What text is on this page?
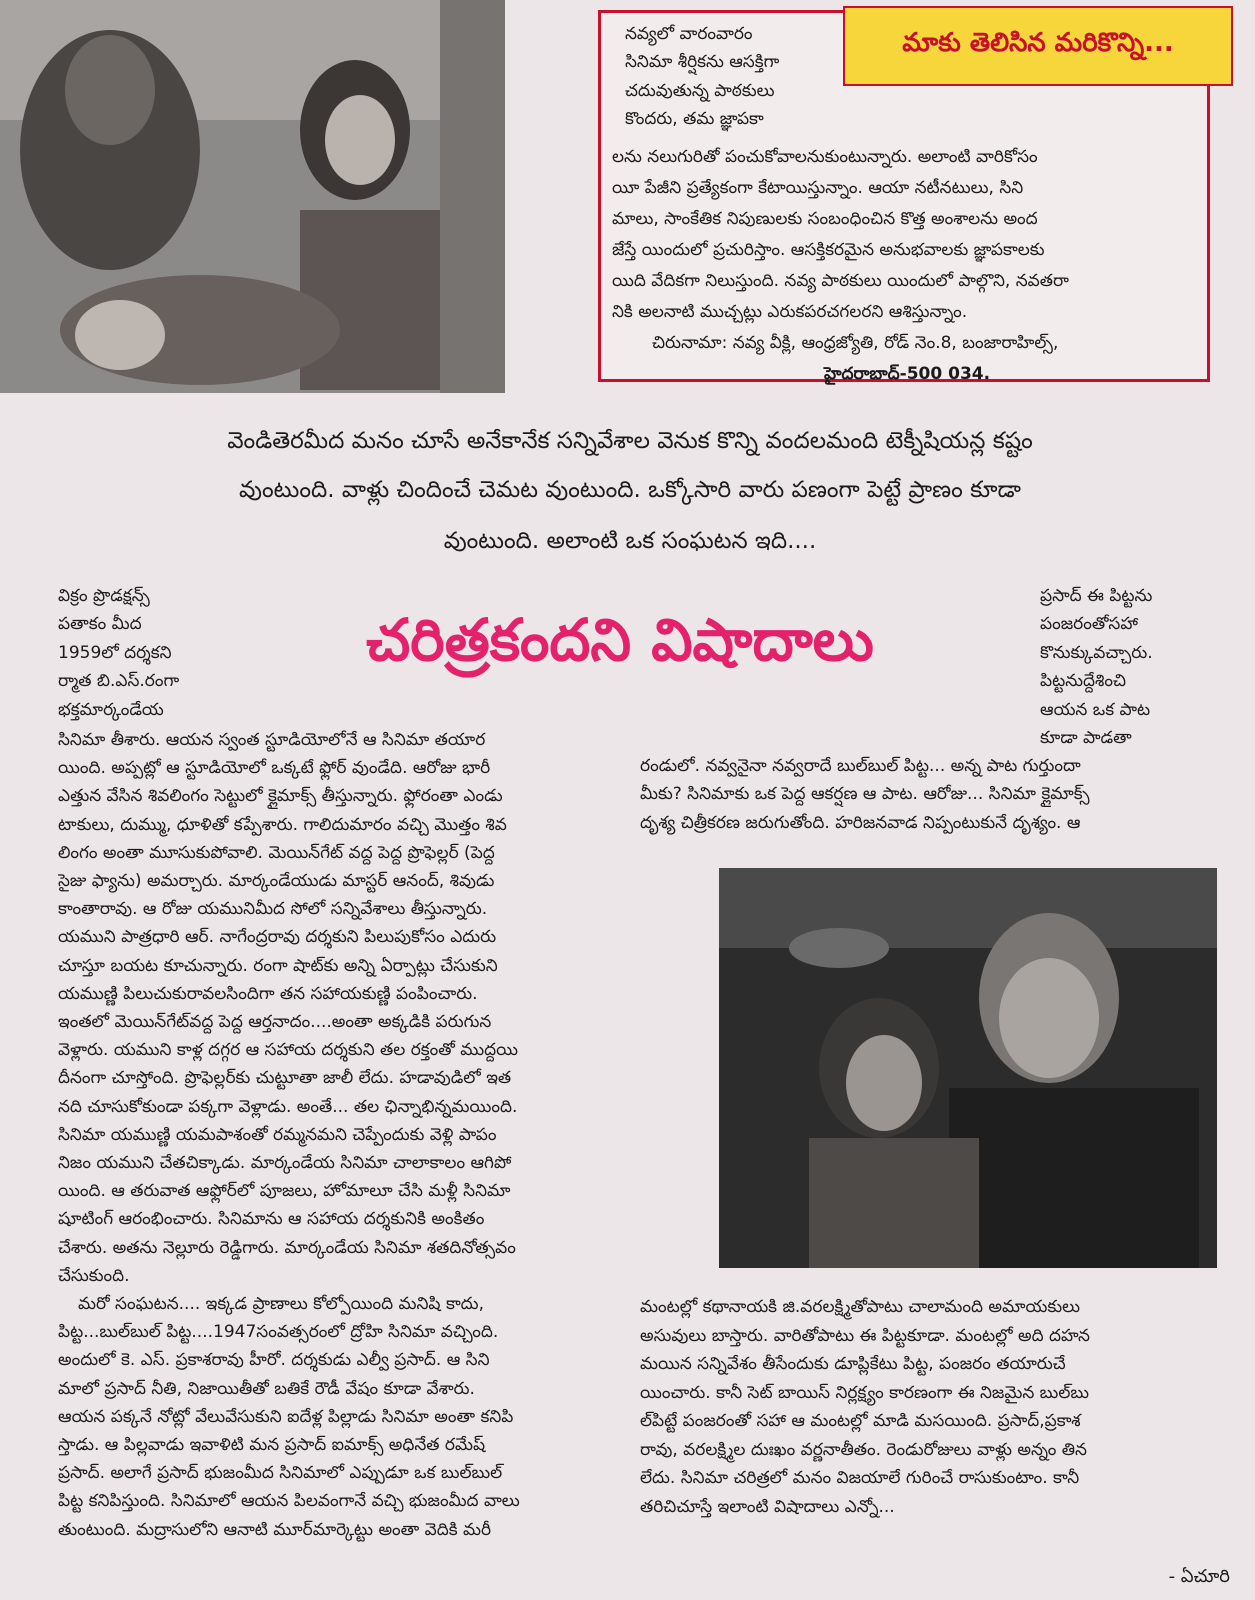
మాకు తెలిసిన మరికొన్ని...
నవ్యలో వారంవారం
సినిమా శీర్షికను ఆసక్తిగా
చదువుతున్న పాఠకులు
కొందరు, తమ జ్ఞాపకా
లను నలుగురితో పంచుకోవాలనుకుంటున్నారు. అలాంటి వారికోసం
యీ పేజీని ప్రత్యేకంగా కేటాయిస్తున్నాం. ఆయా నటీనటులు, సిని
మాలు, సాంకేతిక నిపుణులకు సంబంధించిన కొత్త అంశాలను అంద
జేస్తే యిందులో ప్రచురిస్తాం. ఆసక్తికరమైన అనుభవాలకు జ్ఞాపకాలకు
యిది వేదికగా నిలుస్తుంది. నవ్య పాఠకులు యిందులో పాల్గొని, నవతరా
నికి అలనాటి ముచ్చట్లు ఎరుకపరచగలరని ఆశిస్తున్నాం.
చిరునామా: నవ్య వీక్లి, ఆంధ్రజ్యోతి, రోడ్ నెం.8, బంజారాహిల్స్,
హైదరాబాద్-500 034.
వెండితెరమీద మనం చూసే అనేకానేక సన్నివేశాల వెనుక కొన్ని వందలమంది టెక్నీషియన్ల కష్టం
వుంటుంది. వాళ్లు చిందించే చెమట వుంటుంది. ఒక్కోసారి వారు పణంగా పెట్టే ప్రాణం కూడా
వుంటుంది. అలాంటి ఒక సంఘటన ఇది....
చరిత్రకందని విషాదాలు
విక్రం ప్రొడక్షన్స్
పతాకం మీద
1959లో దర్శకని
ర్మాత బి.ఎస్.రంగా
భక్తమార్కండేయ
సినిమా తీశారు. ఆయన స్వంత స్టూడియోలోనే ఆ సినిమా తయార
యింది. అప్పట్లో ఆ స్టూడియోలో ఒక్కటే ఫ్లోర్ వుండేది. ఆరోజు భారీ
ఎత్తున వేసిన శివలింగం సెట్టులో క్లైమాక్స్ తీస్తున్నారు. ఫ్లోరంతా ఎండు
టాకులు, దుమ్ము, ధూళితో కప్పేశారు. గాలిదుమారం వచ్చి మొత్తం శివ
లింగం అంతా మూసుకుపోవాలి. మెయిన్‌గేట్ వద్ద పెద్ద ప్రొఫెల్లర్ (పెద్ద
సైజు ఫ్యాను) అమర్చారు. మార్కండేయుడు మాస్టర్ ఆనంద్, శివుడు
కాంతారావు. ఆ రోజు యమునిమీద సోలో సన్నివేశాలు తీస్తున్నారు.
యముని పాత్రధారి ఆర్. నాగేంద్రరావు దర్శకుని పిలుపుకోసం ఎదురు
చూస్తూ బయట కూచున్నారు. రంగా షాట్‌కు అన్ని ఏర్పాట్లు చేసుకుని
యముణ్ణి పిలుచుకురావలసిందిగా తన సహాయకుణ్ణి పంపించారు.
ఇంతలో మెయిన్‌గేట్‌వద్ద పెద్ద ఆర్తనాదం....అంతా అక్కడికి పరుగున
వెళ్లారు. యముని కాళ్ల దగ్గర ఆ సహాయ దర్శకుని తల రక్తంతో ముద్దయి
దీనంగా చూస్తోంది. ప్రొఫెల్లర్‌కు చుట్టూతా జాలీ లేదు. హడావుడిలో ఇత
నది చూసుకోకుండా పక్కగా వెళ్లాడు. అంతే... తల ఛిన్నాభిన్నమయింది.
సినిమా యముణ్ణి యమపాశంతో రమ్మనమని చెప్పేందుకు వెళ్లి పాపం
నిజం యముని చేతచిక్కాడు. మార్కండేయ సినిమా చాలాకాలం ఆగిపో
యింది. ఆ తరువాత ఆఫ్లోర్‌లో పూజలు, హోమాలూ చేసి మళ్లీ సినిమా
షూటింగ్ ఆరంభించారు. సినిమాను ఆ సహాయ దర్శకునికి అంకితం
చేశారు. అతను నెల్లూరు రెడ్డిగారు. మార్కండేయ సినిమా శతదినోత్సవం
చేసుకుంది.
మరో సంఘటన.... ఇక్కడ ప్రాణాలు కోల్పోయింది మనిషి కాదు,
పిట్ట...బుల్‌బుల్ పిట్ట....1947సంవత్సరంలో ద్రోహి సినిమా వచ్చింది.
అందులో కె. ఎస్. ప్రకాశరావు హీరో. దర్శకుడు ఎల్వీ ప్రసాద్. ఆ సిని
మాలో ప్రసాద్ నీతి, నిజాయితీతో బతికే రౌడీ వేషం కూడా వేశారు.
ఆయన పక్కనే నోట్లో వేలువేసుకుని ఐదేళ్ల పిల్లాడు సినిమా అంతా కనిపి
స్తాడు. ఆ పిల్లవాడు ఇవాళిటి మన ప్రసాద్ ఐమాక్స్ అధినేత రమేష్
ప్రసాద్. అలాగే ప్రసాద్ భుజంమీద సినిమాలో ఎప్పుడూ ఒక బుల్‌బుల్
పిట్ట కనిపిస్తుంది. సినిమాలో ఆయన పిలవంగానే వచ్చి భుజంమీద వాలు
తుంటుంది. మద్రాసులోని ఆనాటి మూర్‌మార్కెట్టు అంతా వెదికి మరీ
ప్రసాద్ ఈ పిట్టను
పంజరంతోసహా
కొనుక్కువచ్చారు.
పిట్టనుద్దేశించి
ఆయన ఒక పాట
కూడా పాడతా
రండులో. నవ్వనైనా నవ్వరాదే బుల్‌బుల్ పిట్ట... అన్న పాట గుర్తుందా
మీకు? సినిమాకు ఒక పెద్ద ఆకర్షణ ఆ పాట. ఆరోజు... సినిమా క్లైమాక్స్
దృశ్య చిత్రీకరణ జరుగుతోంది. హరిజనవాడ నిప్పంటుకునే దృశ్యం. ఆ
మంటల్లో కథానాయకి జి.వరలక్ష్మితోపాటు చాలామంది అమాయకులు
అసువులు బాస్తారు. వారితోపాటు ఈ పిట్టకూడా. మంటల్లో అది దహన
మయిన సన్నివేశం తీసేందుకు డూప్లికేటు పిట్ట, పంజరం తయారుచే
యించారు. కానీ సెట్ బాయిస్ నిర్లక్ష్యం కారణంగా ఈ నిజమైన బుల్‌బు
ల్‌పిట్టే పంజరంతో సహా ఆ మంటల్లో మాడి మసయింది. ప్రసాద్,ప్రకాశ
రావు, వరలక్ష్మిల దుఃఖం వర్ణనాతీతం. రెండురోజులు వాళ్లు అన్నం తిన
లేదు. సినిమా చరిత్రలో మనం విజయాలే గురించే రాసుకుంటాం. కానీ
తరిచిచూస్తే ఇలాంటి విషాదాలు ఎన్నో...
- ఏచూరి
